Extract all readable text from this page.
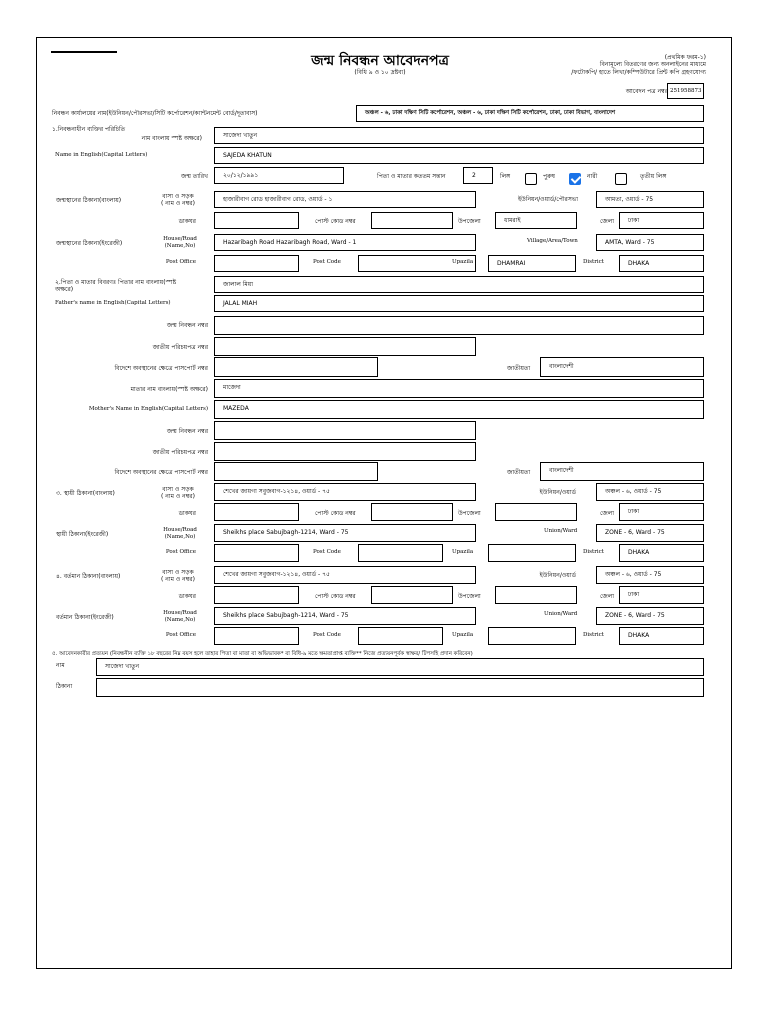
জন্ম নিবন্ধন আবেদনপত্র
(বিধি ৯ ও ১০ দ্রষ্টব্য)
(প্রথমিক ফরম-১)
বিনামূল্যে বিতরণের জন্য অনলাইনের মাধ্যমে
/ফটোকপি/ হাতে লিখা/কম্পিউটারে প্রিন্ট কপি গ্রহণযোগ্য
আবেদন পত্র নম্বর 251958873
নিবন্ধন কার্যালয়ের নাম(ইউনিয়ন/পৌরসভা/সিটি কর্পোরেশন/ক্যান্টনমেন্ট বোর্ড/দূতাবাস)	অঞ্চল - ৬, ঢাকা দক্ষিণ সিটি কর্পোরেশন, অঞ্চল - ৬, ঢাকা দক্ষিণ সিটি কর্পোরেশন, ঢাকা, ঢাকা বিভাগ, বাংলাদেশ
১.নিবন্ধনাধীন ব্যক্তির পরিচিতি
নাম বাংলায় স্পষ্ট অক্ষরে)	সাজেদা খাতুন
Name in English(Capital Letters)	SAJEDA KHATUN
জন্ম তারিখ	২০/১২/১৯৯১	পিতা ও মাতার কততম সন্তান	2	লিঙ্গ	পুরুষ	নারী	তৃতীয় লিঙ্গ
জন্মস্থানের ঠিকানা(বাংলায়)
বাসা ও সড়ক
( নাম ও নম্বর)
হাজারীবাগ রোড হাজারীবাগ রোড, ওয়ার্ড - ১	ইউনিয়ন/ওয়ার্ড/পৌরসভা	আমতা, ওয়ার্ড - 75
ডাকঘর	পোস্ট কোড নম্বর	উপজেলা	ধামরাই	জেলা	ঢাকা
জন্মস্থানের ঠিকানা(ইংরেজী)
House/Road
(Name,No)	Hazaribagh Road Hazaribagh Road, Ward - 1	Village/Area/Town	AMTA, Ward - 75
Post Office	Post Code	Upazila	DHAMRAI	District	DHAKA
২.পিতা ও মাতার বিবরণঃ পিতার নাম বাংলায়(স্পষ্ট
অক্ষরে)
জালাল মিয়া
Father's name in English(Capital Letters)	JALAL MIAH
জন্ম নিবন্ধন নম্বর
জাতীয় পরিচয়পত্র নম্বর
বিদেশে অবস্থানের ক্ষেত্রে পাসপোর্ট নম্বর	জাতীয়তা	বাংলাদেশী
মাতার নাম বাংলায়(স্পষ্ট অক্ষরে)	মাজেদা
Mother's Name in English(Capital Letters)	MAZEDA
জন্ম নিবন্ধন নম্বর
জাতীয় পরিচয়পত্র নম্বর
বিদেশে অবস্থানের ক্ষেত্রে পাসপোর্ট নম্বর	জাতীয়তা	বাংলাদেশী
৩. স্থায়ী ঠিকানা(বাংলায়)
বাসা ও সড়ক
( নাম ও নম্বর)
শেখের জায়গা সবুজবাগ-১২১৪, ওয়ার্ড - ৭৫	ইউনিয়ন/ওয়ার্ড	অঞ্চল - ৬, ওয়ার্ড - 75
ডাকঘর	পোস্ট কোড নম্বর	উপজেলা	জেলা	ঢাকা
স্থায়ী ঠিকানা(ইংরেজী)
House/Road
(Name,No)
Sheikhs place Sabujbagh-1214, Ward - 75	Union/Ward	ZONE - 6, Ward - 75
Post Office	Post Code	Upazila	District	DHAKA
৪. বর্তমান ঠিকানা(বাংলায়)
বাসা ও সড়ক
( নাম ও নম্বর)
শেখের জায়গা সবুজবাগ-১২১৪, ওয়ার্ড - ৭৫	ইউনিয়ন/ওয়ার্ড	অঞ্চল - ৬, ওয়ার্ড - 75
ডাকঘর	পোস্ট কোড নম্বর	উপজেলা	জেলা	ঢাকা
বর্তমান ঠিকানা(ইংরেজী)
House/Road
(Name,No)
Sheikhs place Sabujbagh-1214, Ward - 75	Union/Ward	ZONE - 6, Ward - 75
Post Office	Post Code	Upazila	District	DHAKA
৫. আবেদনকারীর প্রত্যয়ন (নিবন্ধনীন ব্যক্তি ১৮ বছরের নিম্ন বয়স হলে তাহার পিতা বা মাতা বা অভিভাবক* বা বিধি-৯ মতে ক্ষমতাপ্রাপ্ত ব্যক্তি** নিজে প্রত্যয়নপূর্বক স্বাক্ষর/ টিপসহি প্রদান করিবেন)
নাম	সাজেদা খাতুন
ঠিকানা
